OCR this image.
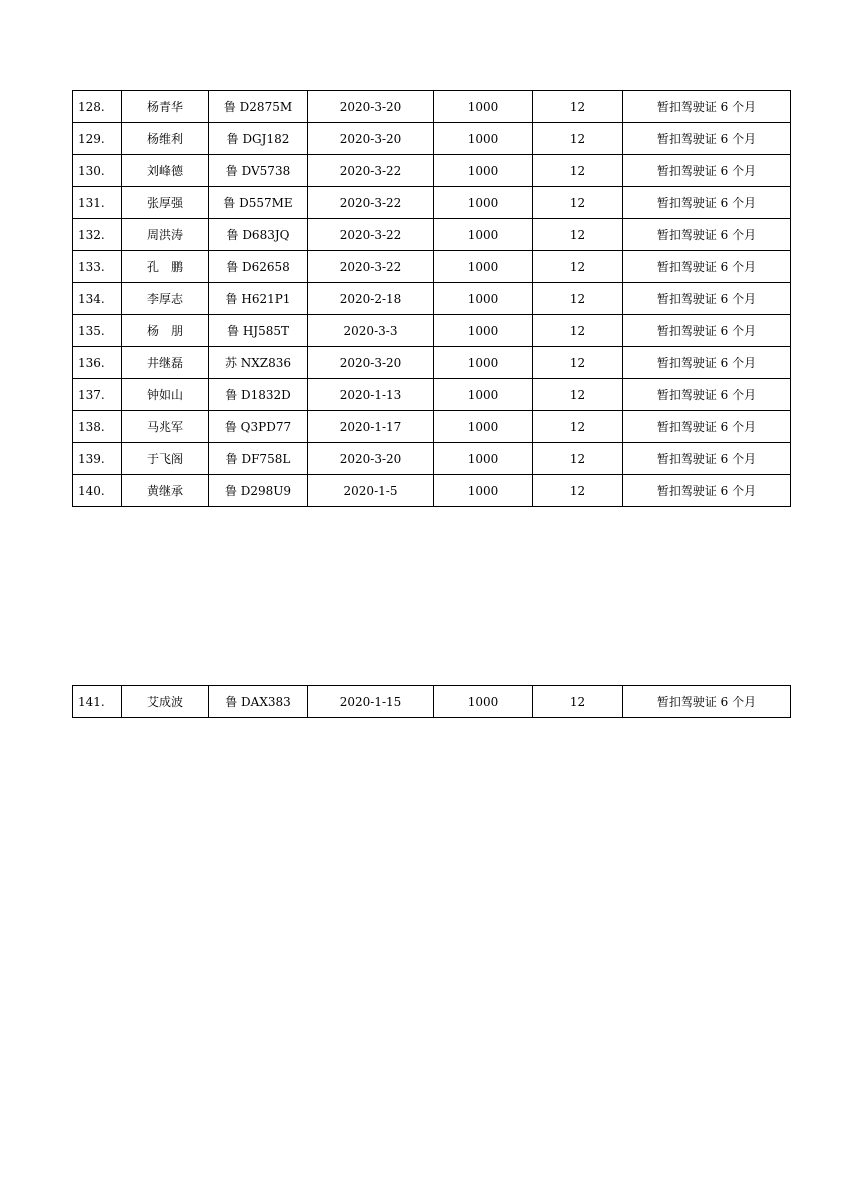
128.	杨青华	鲁 D2875M	2020-3-20	1000	12	暂扣驾驶证 6 个月
129.	杨维利	鲁 DGJ182	2020-3-20	1000	12	暂扣驾驶证 6 个月
130.	刘峰德	鲁 DV5738	2020-3-22	1000	12	暂扣驾驶证 6 个月
131.	张厚强	鲁 D557ME	2020-3-22	1000	12	暂扣驾驶证 6 个月
132.	周洪涛	鲁 D683JQ	2020-3-22	1000	12	暂扣驾驶证 6 个月
133.	孔　鹏	鲁 D62658	2020-3-22	1000	12	暂扣驾驶证 6 个月
134.	李厚志	鲁 H621P1	2020-2-18	1000	12	暂扣驾驶证 6 个月
135.	杨　朋	鲁 HJ585T	2020-3-3	1000	12	暂扣驾驶证 6 个月
136.	井继磊	苏 NXZ836	2020-3-20	1000	12	暂扣驾驶证 6 个月
137.	钟如山	鲁 D1832D	2020-1-13	1000	12	暂扣驾驶证 6 个月
138.	马兆军	鲁 Q3PD77	2020-1-17	1000	12	暂扣驾驶证 6 个月
139.	于飞阁	鲁 DF758L	2020-3-20	1000	12	暂扣驾驶证 6 个月
140.	黄继承	鲁 D298U9	2020-1-5	1000	12	暂扣驾驶证 6 个月
141.	艾成波	鲁 DAX383	2020-1-15	1000	12	暂扣驾驶证 6 个月
